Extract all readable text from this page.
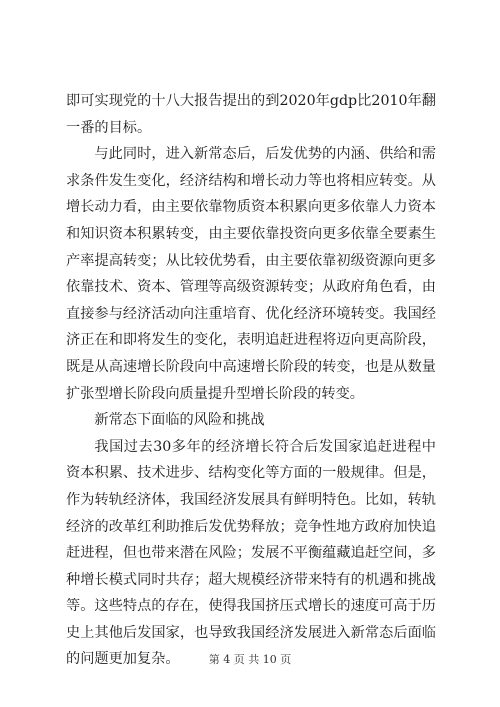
即可实现党的十八大报告提出的到2020年gdp比2010年翻一番的目标。

与此同时，进入新常态后，后发优势的内涵、供给和需求条件发生变化，经济结构和增长动力等也将相应转变。从增长动力看，由主要依靠物质资本积累向更多依靠人力资本和知识资本积累转变，由主要依靠投资向更多依靠全要素生产率提高转变；从比较优势看，由主要依靠初级资源向更多依靠技术、资本、管理等高级资源转变；从政府角色看，由直接参与经济活动向注重培育、优化经济环境转变。我国经济正在和即将发生的变化，表明追赶进程将迈向更高阶段，既是从高速增长阶段向中高速增长阶段的转变，也是从数量扩张型增长阶段向质量提升型增长阶段的转变。

新常态下面临的风险和挑战

我国过去30多年的经济增长符合后发国家追赶进程中资本积累、技术进步、结构变化等方面的一般规律。但是，作为转轨经济体，我国经济发展具有鲜明特色。比如，转轨经济的改革红利助推后发优势释放；竞争性地方政府加快追赶进程，但也带来潜在风险；发展不平衡蕴藏追赶空间，多种增长模式同时共存；超大规模经济带来特有的机遇和挑战等。这些特点的存在，使得我国挤压式增长的速度可高于历史上其他后发国家，也导致我国经济发展进入新常态后面临的问题更加复杂。	第 4 页 共 10 页
